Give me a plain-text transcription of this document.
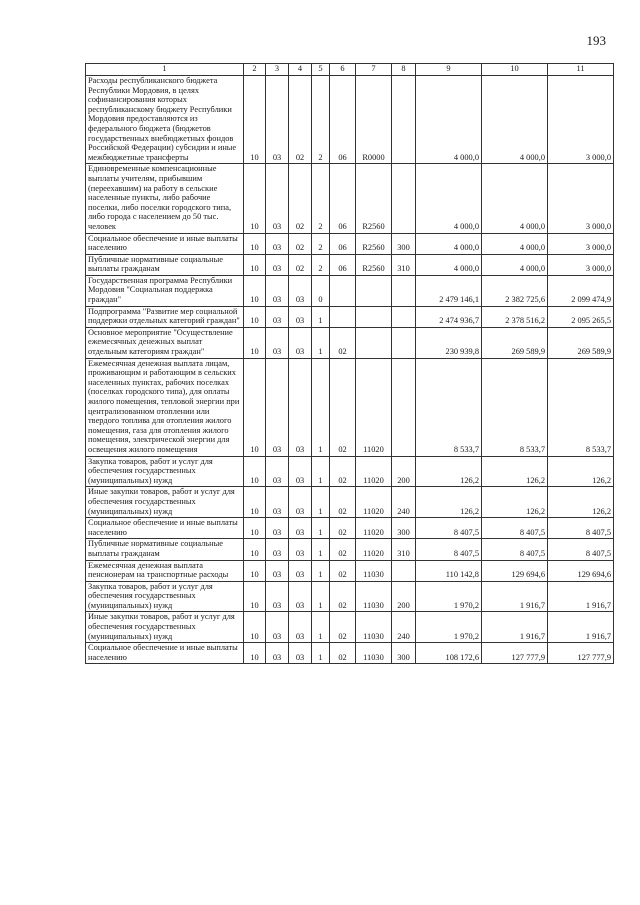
193
1	2	3	4	5	6	7	8	9	10	11
Расходы республиканского бюджета Республики Мордовия, в целях софинансирования которых республиканскому бюджету Республики Мордовия предоставляются из федерального бюджета (бюджетов государственных внебюджетных фондов Российской Федерации) субсидии и иные межбюджетные трансферты	10	03	02	2	06	R0000		4 000,0	4 000,0	3 000,0
Единовременные компенсационные выплаты учителям, прибывшим (переехавшим) на работу в сельские населенные пункты, либо рабочие поселки, либо поселки городского типа, либо города с населением до 50 тыс. человек	10	03	02	2	06	R2560		4 000,0	4 000,0	3 000,0
Социальное обеспечение и иные выплаты населению	10	03	02	2	06	R2560	300	4 000,0	4 000,0	3 000,0
Публичные нормативные социальные выплаты гражданам	10	03	02	2	06	R2560	310	4 000,0	4 000,0	3 000,0
Государственная программа Республики Мордовия "Социальная поддержка граждан"	10	03	03	0				2 479 146,1	2 382 725,6	2 099 474,9
Подпрограмма "Развитие мер социальной поддержки отдельных категорий граждан"	10	03	03	1				2 474 936,7	2 378 516,2	2 095 265,5
Основное мероприятие "Осуществление ежемесячных денежных выплат отдельным категориям граждан"	10	03	03	1	02			230 939,8	269 589,9	269 589,9
Ежемесячная денежная выплата лицам, проживающим и работающим в сельских населенных пунктах, рабочих поселках (поселках городского типа), для оплаты жилого помещения, тепловой энергии при централизованном отоплении или твердого топлива для отопления жилого помещения, газа для отопления жилого помещения, электрической энергии для освещения жилого помещения	10	03	03	1	02	11020		8 533,7	8 533,7	8 533,7
Закупка товаров, работ и услуг для обеспечения государственных (муниципальных) нужд	10	03	03	1	02	11020	200	126,2	126,2	126,2
Иные закупки товаров, работ и услуг для обеспечения государственных (муниципальных) нужд	10	03	03	1	02	11020	240	126,2	126,2	126,2
Социальное обеспечение и иные выплаты населению	10	03	03	1	02	11020	300	8 407,5	8 407,5	8 407,5
Публичные нормативные социальные выплаты гражданам	10	03	03	1	02	11020	310	8 407,5	8 407,5	8 407,5
Ежемесячная денежная выплата пенсионерам на транспортные расходы	10	03	03	1	02	11030		110 142,8	129 694,6	129 694,6
Закупка товаров, работ и услуг для обеспечения государственных (муниципальных) нужд	10	03	03	1	02	11030	200	1 970,2	1 916,7	1 916,7
Иные закупки товаров, работ и услуг для обеспечения государственных (муниципальных) нужд	10	03	03	1	02	11030	240	1 970,2	1 916,7	1 916,7
Социальное обеспечение и иные выплаты населению	10	03	03	1	02	11030	300	108 172,6	127 777,9	127 777,9
